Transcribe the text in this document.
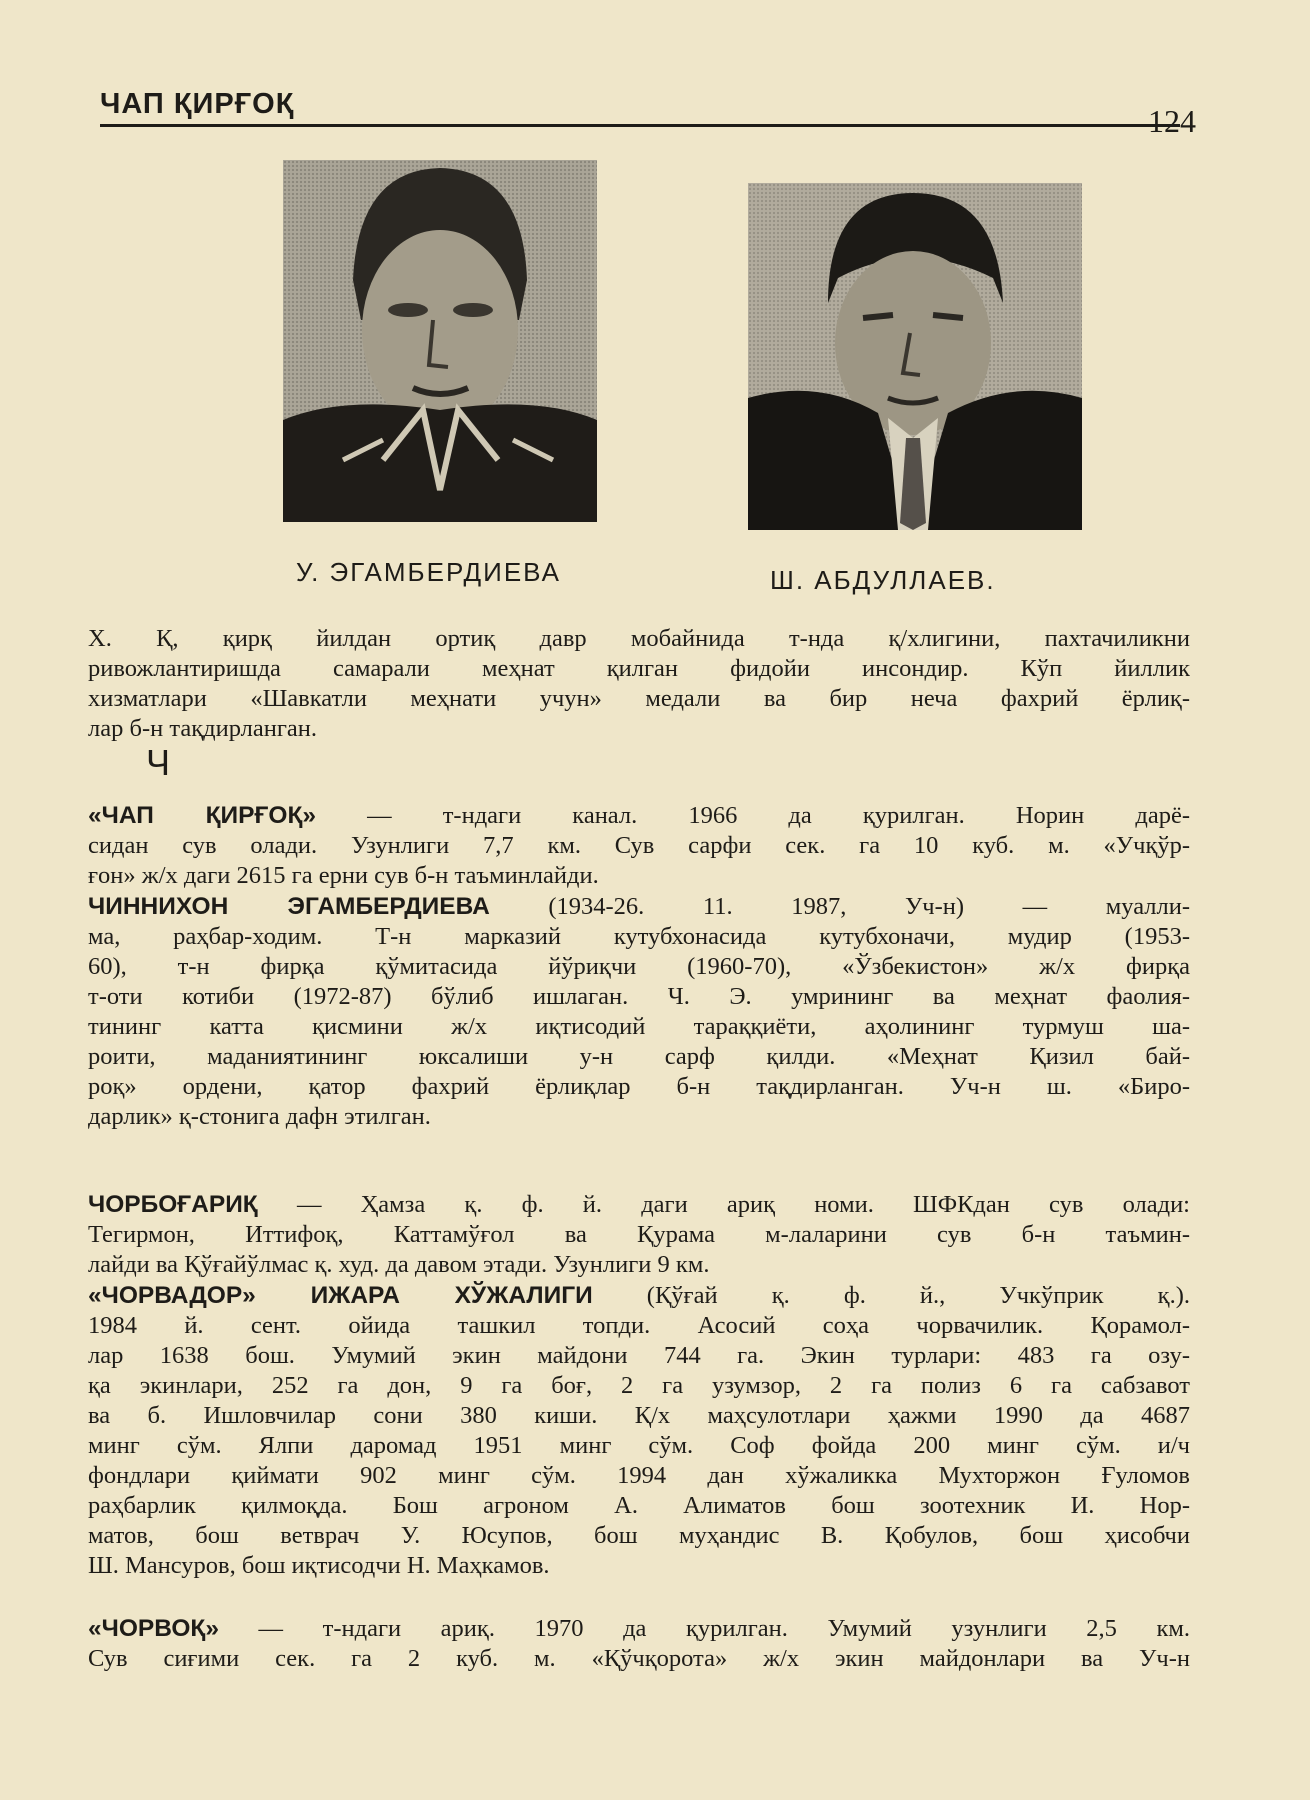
ЧАП ҚИРҒОҚ	124
У. ЭГАМБЕРДИЕВА	Ш. АБДУЛЛАЕВ.
Х. Қ, қирқ йилдан ортиқ давр мобайнида т-нда қ/хлигини, пахтачиликни
ривожлантиришда самарали меҳнат қилган фидойи инсондир. Кўп йиллик
хизматлари «Шавкатли меҳнати учун» медали ва бир неча фахрий ёрлиқ-
лар б-н тақдирланган.
Ч
«ЧАП ҚИРҒОҚ» — т-ндаги канал. 1966 да қурилган. Норин дарё-
сидан сув олади. Узунлиги 7,7 км. Сув сарфи сек. га 10 куб. м. «Учқўр-
ғон» ж/х даги 2615 га ерни сув б-н таъминлайди.
ЧИННИХОН ЭГАМБЕРДИЕВА (1934-26. 11. 1987, Уч-н) — муалли-
ма, раҳбар-ходим. Т-н марказий кутубхонасида кутубхоначи, мудир (1953-
60), т-н фирқа қўмитасида йўриқчи (1960-70), «Ўзбекистон» ж/х фирқа
т-оти котиби (1972-87) бўлиб ишлаган. Ч. Э. умрининг ва меҳнат фаолия-
тининг катта қисмини ж/х иқтисодий тараққиёти, аҳолининг турмуш ша-
роити, маданиятининг юксалиши у-н сарф қилди. «Меҳнат Қизил бай-
роқ» ордени, қатор фахрий ёрлиқлар б-н тақдирланган. Уч-н ш. «Биро-
дарлик» қ-стонига дафн этилган.
ЧОРБОҒАРИҚ — Ҳамза қ. ф. й. даги ариқ номи. ШФКдан сув олади:
Тегирмон, Иттифоқ, Каттамўғол ва Қурама м-лаларини сув б-н таъмин-
лайди ва Қўғайўлмас қ. худ. да давом этади. Узунлиги 9 км.
«ЧОРВАДОР» ИЖАРА ХЎЖАЛИГИ (Қўғай қ. ф. й., Учкўприк қ.).
1984 й. сент. ойида ташкил топди. Асосий соҳа чорвачилик. Қорамол-
лар 1638 бош. Умумий экин майдони 744 га. Экин турлари: 483 га озу-
қа экинлари, 252 га дон, 9 га боғ, 2 га узумзор, 2 га полиз 6 га сабзавот
ва б. Ишловчилар сони 380 киши. Қ/х маҳсулотлари ҳажми 1990 да 4687
минг сўм. Ялпи даромад 1951 минг сўм. Соф фойда 200 минг сўм. и/ч
фондлари қиймати 902 минг сўм. 1994 дан хўжаликка Мухторжон Ғуломов
раҳбарлик қилмоқда. Бош агроном А. Алиматов бош зоотехник И. Нор-
матов, бош ветврач У. Юсупов, бош муҳандис В. Қобулов, бош ҳисобчи
Ш. Мансуров, бош иқтисодчи Н. Маҳкамов.
«ЧОРВОҚ» — т-ндаги ариқ. 1970 да қурилган. Умумий узунлиги 2,5 км.
Сув сиғими сек. га 2 куб. м. «Қўчқорота» ж/х экин майдонлари ва Уч-н
